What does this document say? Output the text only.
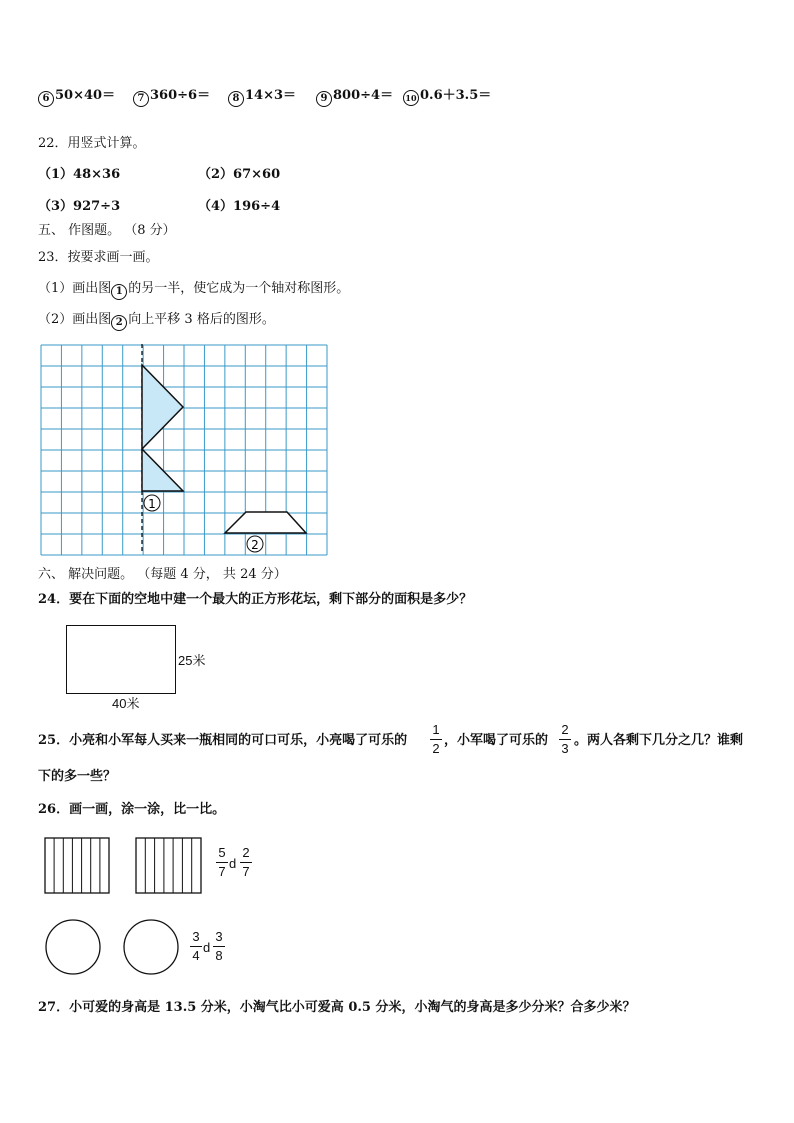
6 50×40＝	7 360÷6＝	8 14×3＝	9 800÷4＝	10 0.6＋3.5＝
22．用竖式计算。
（1）48×36	（2）67×60
（3）927÷3	（4）196÷4
五、 作图题。 （8 分）
23．按要求画一画。
（1）画出图 1 的另一半，使它成为一个轴对称图形。
（2）画出图 2 向上平移 3 格后的图形。
1
2
六、 解决问题。 （每题 4 分， 共 24 分）
24．要在下面的空地中建一个最大的正方形花坛，剩下部分的面积是多少？
25米
40米
25．小亮和小军每人买来一瓶相同的可口可乐，小亮喝了可乐的
1
2
，小军喝了可乐的
2
3
。两人各剩下几分之几？谁剩
下的多一些？
26．画一画，涂一涂，比一比。
5
7
d
2
7
3
4
d
3
8
27．小可爱的身高是 13.5 分米，小淘气比小可爱高 0.5 分米，小淘气的身高是多少分米？合多少米？
